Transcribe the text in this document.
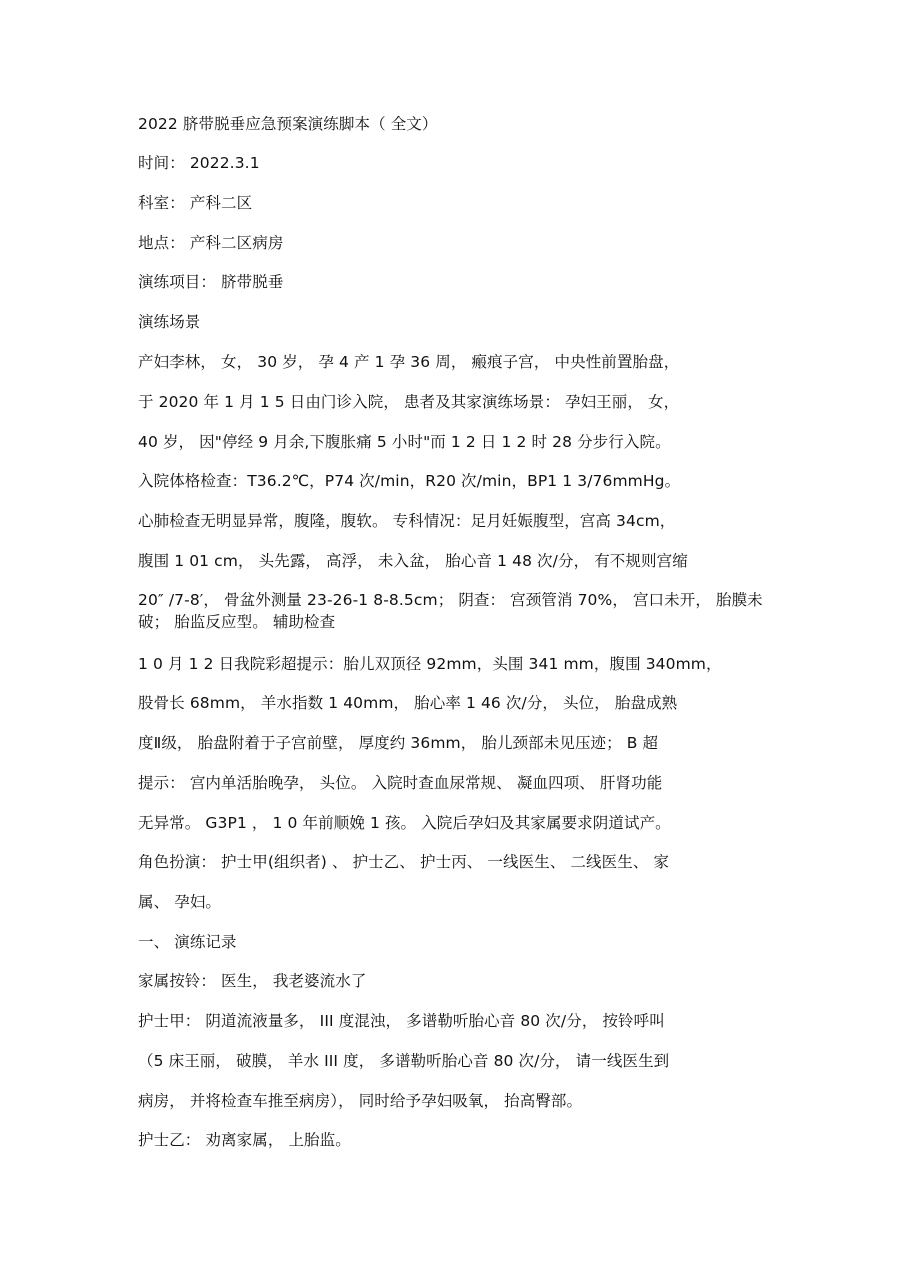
2022 脐带脱垂应急预案演练脚本（ 全文）
时间： 2022.3.1
科室： 产科二区
地点： 产科二区病房
演练项目： 脐带脱垂
演练场景
产妇李林， 女， 30 岁， 孕 4 产 1 孕 36 周， 瘢痕子宫， 中央性前置胎盘，
于 2020 年 1 月 1 5 日由门诊入院， 患者及其家演练场景： 孕妇王丽， 女，
40 岁， 因"停经 9 月余,下腹胀痛 5 小时"而 1 2 日 1 2 时 28 分步行入院。
入院体格检查：T36.2℃，P74 次/min，R20 次/min，BP1 1 3/76mmHg。
心肺检查无明显异常，腹隆，腹软。 专科情况：足月妊娠腹型，宫高 34cm，
腹围 1 01 cm， 头先露， 高浮， 未入盆， 胎心音 1 48 次/分， 有不规则宫缩
20″ /7-8′， 骨盆外测量 23-26-1 8-8.5cm； 阴查： 宫颈管消 70%， 宫口未开， 胎膜未破； 胎监反应型。 辅助检查
1 0 月 1 2 日我院彩超提示：胎儿双顶径 92mm，头围 341 mm，腹围 340mm，
股骨长 68mm， 羊水指数 1 40mm， 胎心率 1 46 次/分， 头位， 胎盘成熟
度Ⅱ级， 胎盘附着于子宫前壁， 厚度约 36mm， 胎儿颈部未见压迹； B 超
提示： 宫内单活胎晚孕， 头位。 入院时查血尿常规、 凝血四项、 肝肾功能
无异常。 G3P1 ， 1 0 年前顺娩 1 孩。 入院后孕妇及其家属要求阴道试产。
角色扮演： 护士甲(组织者) 、 护士乙、 护士丙、 一线医生、 二线医生、 家
属、 孕妇。
一、 演练记录
家属按铃： 医生， 我老婆流水了
护士甲： 阴道流液量多， III 度混浊， 多谱勒听胎心音 80 次/分， 按铃呼叫
（5 床王丽， 破膜， 羊水 III 度， 多谱勒听胎心音 80 次/分， 请一线医生到
病房， 并将检查车推至病房）， 同时给予孕妇吸氧， 抬高臀部。
护士乙： 劝离家属， 上胎监。
